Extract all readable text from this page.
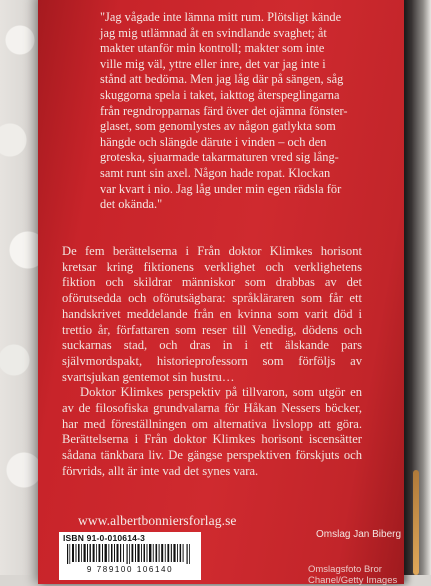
"Jag vågade inte lämna mitt rum. Plötsligt kände

jag mig utlämnad åt en svindlande svaghet; åt

makter utanför min kontroll; makter som inte

ville mig väl, yttre eller inre, det var jag inte i

stånd att bedöma. Men jag låg där på sängen, såg

skuggorna spela i taket, iakttog återspeglingarna

från regndropparnas färd över det ojämna fönster-

glaset, som genomlystes av någon gatlykta som

hängde och slängde därute i vinden – och den

groteska, sjuarmade takarmaturen vred sig lång-

samt runt sin axel. Någon hade ropat. Klockan

var kvart i nio. Jag låg under min egen rädsla för

det okända."

De fem berättelserna i Från doktor Klimkes horisont kretsar kring fiktionens verklighet och verklighetens fiktion och skildrar människor som drabbas av det oförutsedda och oförutsägbara: språkläraren som får ett handskrivet meddelande från en kvinna som varit död i trettio år, författaren som reser till Venedig, dödens och suckarnas stad, och dras in i ett älskande pars självmordspakt, historieprofessorn som förföljs av svartsjukan gentemot sin hustru…

Doktor Klimkes perspektiv på tillvaron, som utgör en av de filosofiska grundvalarna för Håkan Nessers böcker, har med föreställningen om alternativa livslopp att göra. Berättelserna i Från doktor Klimkes horisont iscensätter sådana tänkbara liv. De gängse perspektiven förskjuts och förvrids, allt är inte vad det synes vara.

www.albertbonniersforlag.se
Omslag Jan Biberg
Omslagsfoto Bror Chanel/Getty Images
ISBN 91-0-010614-3
9 789100 106140
